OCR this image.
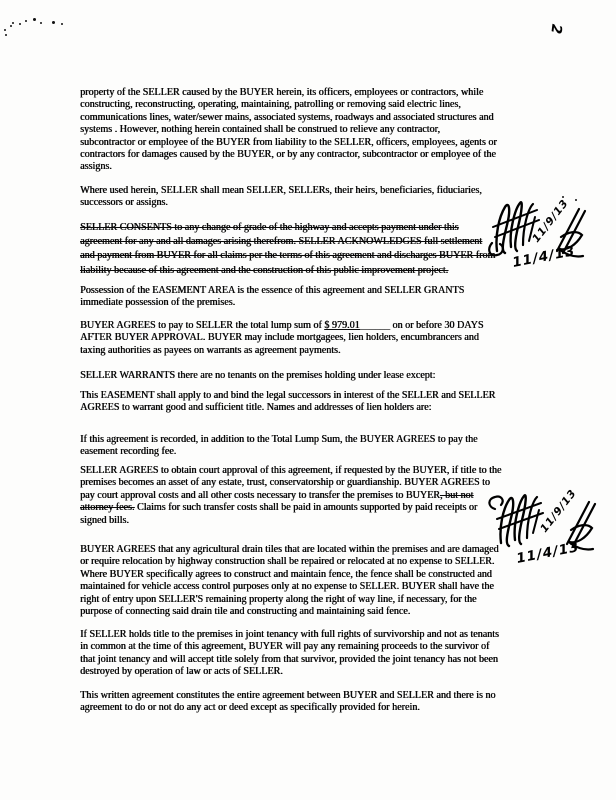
2
property of the SELLER caused by the BUYER herein, its officers, employees or contractors, while
constructing, reconstructing, operating, maintaining, patrolling or removing said electric lines,
communications lines, water/sewer mains, associated systems, roadways and associated structures and
systems . However, nothing herein contained shall be construed to relieve any contractor,
subcontractor or employee of the BUYER from liability to the SELLER, officers, employees, agents or
contractors for damages caused by the BUYER, or by any contractor, subcontractor or employee of the
assigns.
Where used herein, SELLER shall mean SELLER, SELLERs, their heirs, beneficiaries, fiduciaries,
successors or assigns.
SELLER CONSENTS to any change of grade of the highway and accepts payment under this
agreement for any and all damages arising therefrom. SELLER ACKNOWLEDGES full settlement
and payment from BUYER for all claims per the terms of this agreement and discharges BUYER from
liability because of this agreement and the construction of this public improvement project.
Possession of the EASEMENT AREA is the essence of this agreement and SELLER GRANTS
immediate possession of the premises.
BUYER AGREES to pay to SELLER the total lump sum of $ 979.01______ on or before 30 DAYS
AFTER BUYER APPROVAL. BUYER may include mortgagees, lien holders, encumbrancers and
taxing authorities as payees on warrants as agreement payments.
SELLER WARRANTS there are no tenants on the premises holding under lease except:
This EASEMENT shall apply to and bind the legal successors in interest of the SELLER and SELLER
AGREES to warrant good and sufficient title. Names and addresses of lien holders are:
If this agreement is recorded, in addition to the Total Lump Sum, the BUYER AGREES to pay the
easement recording fee.
SELLER AGREES to obtain court approval of this agreement, if requested by the BUYER, if title to the
premises becomes an asset of any estate, trust, conservatorship or guardianship. BUYER AGREES to
pay court approval costs and all other costs necessary to transfer the premises to BUYER, but not
attorney fees. Claims for such transfer costs shall be paid in amounts supported by paid receipts or
signed bills.
BUYER AGREES that any agricultural drain tiles that are located within the premises and are damaged
or require relocation by highway construction shall be repaired or relocated at no expense to SELLER.
Where BUYER specifically agrees to construct and maintain fence, the fence shall be constructed and
maintained for vehicle access control purposes only at no expense to SELLER. BUYER shall have the
right of entry upon SELLER'S remaining property along the right of way line, if necessary, for the
purpose of connecting said drain tile and constructing and maintaining said fence.
If SELLER holds title to the premises in joint tenancy with full rights of survivorship and not as tenants
in common at the time of this agreement, BUYER will pay any remaining proceeds to the survivor of
that joint tenancy and will accept title solely from that survivor, provided the joint tenancy has not been
destroyed by operation of law or acts of SELLER.
This written agreement constitutes the entire agreement between BUYER and SELLER and there is no
agreement to do or not do any act or deed except as specifically provided for herein.
11/9/13
11/4/13
11/9/13
11/4/13
